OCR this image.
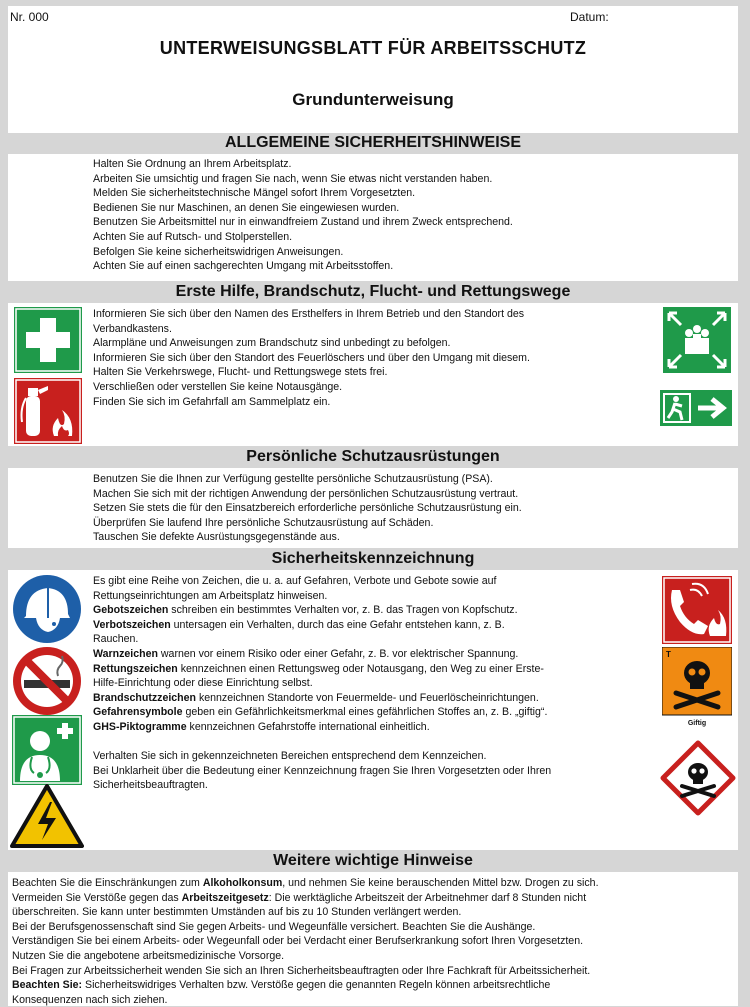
Nr. 000	Datum:
UNTERWEISUNGSBLATT FÜR ARBEITSSCHUTZ
Grundunterweisung
ALLGEMEINE SICHERHEITSHINWEISE
Halten Sie Ordnung an Ihrem Arbeitsplatz.
Arbeiten Sie umsichtig und fragen Sie nach, wenn Sie etwas nicht verstanden haben.
Melden Sie sicherheitstechnische Mängel sofort Ihrem Vorgesetzten.
Bedienen Sie nur Maschinen, an denen Sie eingewiesen wurden.
Benutzen Sie Arbeitsmittel nur in einwandfreiem Zustand und ihrem Zweck entsprechend.
Achten Sie auf Rutsch- und Stolperstellen.
Befolgen Sie keine sicherheitswidrigen Anweisungen.
Achten Sie auf einen sachgerechten Umgang mit Arbeitsstoffen.
Erste Hilfe, Brandschutz, Flucht- und Rettungswege
Informieren Sie sich über den Namen des Ersthelfers in Ihrem Betrieb und den Standort des
Verbandkastens.
Alarmpläne und Anweisungen zum Brandschutz sind unbedingt zu befolgen.
Informieren Sie sich über den Standort des Feuerlöschers und über den Umgang mit diesem.
Halten Sie Verkehrswege, Flucht- und Rettungswege stets frei.
Verschließen oder verstellen Sie keine Notausgänge.
Finden Sie sich im Gefahrfall am Sammelplatz ein.
Persönliche Schutzausrüstungen
Benutzen Sie die Ihnen zur Verfügung gestellte persönliche Schutzausrüstung (PSA).
Machen Sie sich mit der richtigen Anwendung der persönlichen Schutzausrüstung vertraut.
Setzen Sie stets die für den Einsatzbereich erforderliche persönliche Schutzausrüstung ein.
Überprüfen Sie laufend Ihre persönliche Schutzausrüstung auf Schäden.
Tauschen Sie defekte Ausrüstungsgegenstände aus.
Sicherheitskennzeichnung
Es gibt eine Reihe von Zeichen, die u. a. auf Gefahren, Verbote und Gebote sowie auf
Rettungseinrichtungen am Arbeitsplatz hinweisen.
Gebotszeichen schreiben ein bestimmtes Verhalten vor, z. B. das Tragen von Kopfschutz.
Verbotszeichen untersagen ein Verhalten, durch das eine Gefahr entstehen kann, z. B.
Rauchen.
Warnzeichen warnen vor einem Risiko oder einer Gefahr, z. B. vor elektrischer Spannung.
Rettungszeichen kennzeichnen einen Rettungsweg oder Notausgang, den Weg zu einer Erste-
Hilfe-Einrichtung oder diese Einrichtung selbst.
Brandschutzzeichen kennzeichnen Standorte von Feuermelde- und Feuerlöscheinrichtungen.
Gefahrensymbole geben ein Gefährlichkeitsmerkmal eines gefährlichen Stoffes an, z. B. „giftig“.
GHS-Piktogramme kennzeichnen Gefahrstoffe international einheitlich.
Verhalten Sie sich in gekennzeichneten Bereichen entsprechend dem Kennzeichen.
Bei Unklarheit über die Bedeutung einer Kennzeichnung fragen Sie Ihren Vorgesetzten oder Ihren
Sicherheitsbeauftragten.
T
Giftig
Weitere wichtige Hinweise
Beachten Sie die Einschränkungen zum Alkoholkonsum, und nehmen Sie keine berauschenden Mittel bzw. Drogen zu sich.
Vermeiden Sie Verstöße gegen das Arbeitszeitgesetz: Die werktägliche Arbeitszeit der Arbeitnehmer darf 8 Stunden nicht
überschreiten. Sie kann unter bestimmten Umständen auf bis zu 10 Stunden verlängert werden.
Bei der Berufsgenossenschaft sind Sie gegen Arbeits- und Wegeunfälle versichert. Beachten Sie die Aushänge.
Verständigen Sie bei einem Arbeits- oder Wegeunfall oder bei Verdacht einer Berufserkrankung sofort Ihren Vorgesetzten.
Nutzen Sie die angebotene arbeitsmedizinische Vorsorge.
Bei Fragen zur Arbeitssicherheit wenden Sie sich an Ihren Sicherheitsbeauftragten oder Ihre Fachkraft für Arbeitssicherheit.
Beachten Sie: Sicherheitswidriges Verhalten bzw. Verstöße gegen die genannten Regeln können arbeitsrechtliche
Konsequenzen nach sich ziehen.
